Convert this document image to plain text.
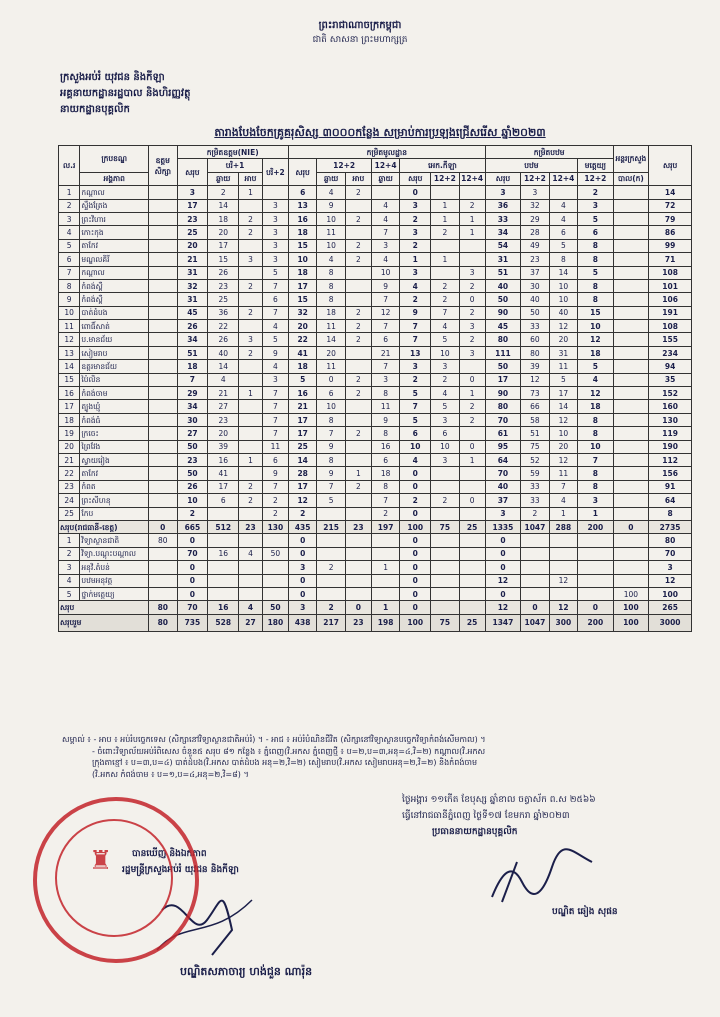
ព្រះរាជាណាចក្រកម្ពុជា
ជាតិ សាសនា ព្រះមហាក្សត្រ
ក្រសួងអប់រំ យុវជន និងកីឡា
អគ្គនាយកដ្ឋានរដ្ឋបាល និងហិរញ្ញវត្ថុ
នាយកដ្ឋានបុគ្គលិក
តារាងបែងចែកគ្រូគរុសិស្ស ៣០០០កន្លែង សម្រាប់ការប្រឡងជ្រើសរើស ឆ្នាំ២០២៣
ល.រ	ក្របខណ្ឌ	ឧត្តមសិក្សា	កម្រិតឧត្តម(NIE)				កម្រិតមូលដ្ឋាន							កម្រិតបឋម				អន្តរក្រសួង	សរុប
			សរុប	បរិ+1		បរិ+2	សរុប	12+2		12+4	អេក.កីឡា			បឋម			មត្តេយ្យ		
	អង្គភាព			ឆ្ងាយ	អាប			ឆ្ងាយ	អាប	ឆ្ងាយ	សរុប	12+2	12+4	សរុប	12+2	12+4	12+2	បាល(ក)	
1	កណ្ដាល		3	2	1		6	4	2		0			3	3		2		14
2	ស្ទឹងត្រែង		17	14		3	13	9		4	3	1	2	36	32	4	3		72
3	ព្រះវិហារ		23	18	2	3	16	10	2	4	2	1	1	33	29	4	5		79
4	កោះកុង		25	20	2	3	18	11		7	3	2	1	34	28	6	6		86
5	តាកែវ		20	17		3	15	10	2	3	2			54	49	5	8		99
6	មណ្ឌលគិរី		21	15	3	3	10	4	2	4	1	1		31	23	8	8		71
7	កណ្ដាល		31	26		5	18	8		10	3		3	51	37	14	5		108
8	កំពង់ស្ពឺ		32	23	2	7	17	8		9	4	2	2	40	30	10	8		101
9	កំពង់ស្ពឺ		31	25		6	15	8		7	2	2	0	50	40	10	8		106
10	បាត់ដំបង		45	36	2	7	32	18	2	12	9	7	2	90	50	40	15		191
11	ពោធិ៍សាត់		26	22		4	20	11	2	7	7	4	3	45	33	12	10		108
12	ប.មានជ័យ		34	26	3	5	22	14	2	6	7	5	2	80	60	20	12		155
13	សៀមរាប		51	40	2	9	41	20		21	13	10	3	111	80	31	18		234
14	ឧត្ដរមានជ័យ		18	14		4	18	11		7	3	3		50	39	11	5		94
15	ប៉ៃលិន		7	4		3	5	0	2	3	2	2	0	17	12	5	4		35
16	កំពង់ចាម		29	21	1	7	16	6	2	8	5	4	1	90	73	17	12		152
17	ត្បូងឃ្មុំ		34	27		7	21	10		11	7	5	2	80	66	14	18		160
18	កំពង់ធំ		30	23		7	17	8		9	5	3	2	70	58	12	8		130
19	ក្រចេះ		27	20		7	17	7	2	8	6	6		61	51	10	8		119
20	ព្រៃវែង		50	39		11	25	9		16	10	10	0	95	75	20	10		190
21	ស្វាយរៀង		23	16	1	6	14	8		6	4	3	1	64	52	12	7		112
22	តាកែវ		50	41		9	28	9	1	18	0			70	59	11	8		156
23	កំពត		26	17	2	7	17	7	2	8	0			40	33	7	8		91
24	ព្រះសីហនុ		10	6	2	2	12	5		7	2	2	0	37	33	4	3		64
25	កែប		2			2	2			2	0			3	2	1	1		8
សរុប(រាជធានី-ខេត្ត)		0	665	512	23	130	435	215	23	197	100	75	25	1335	1047	288	200	0	2735
1	វិទ្យាស្ថានជាតិ	80	0				0				0			0					80
2	វិទ្យា.បណ្ដុះបណ្ដាល		70	16	4	50	0				0			0					70
3	អនុវិ.តំបន់		0				3	2		1	0			0					3
4	បឋមអនុវត្ត		0				0				0			12		12			12
5	ថ្នាក់មត្តេយ្យ		0				0				0			0				100	100
សរុប		80	70	16	4	50	3	2	0	1	0			12	0	12	0	100	265
សរុបរួម		80	735	528	27	180	438	217	23	198	100	75	25	1347	1047	300	200	100	3000
សម្គាល់ ៖ - អាប ៖ អប់រំបច្ចេកទេស (សិក្សានៅវិទ្យាស្ថានជាតិអប់រំ) ។ - អាជ ៖ អប់រំបំណិនជីវិត (សិក្សានៅវិទ្យាស្ថានបច្ចេកវិទ្យាកំពង់សើមកាល) ។
- ចំពោះវិទ្យាល័យអប់រំពិសេស ចំនួន៥ សរុប ៨១ កន្លែង ៖ ភ្នំពេញ(វិ.អកស ភ្នំពេញថ្មី ៖ ប=២,ប=៣,អនុ=៤,វិ=២) កណ្ដាល(វិ.អកស
ក្រុងតាខ្មៅ ៖ ប=៣,ប=៤) បាត់ដំបង(វិ.អកស បាត់ដំបង អនុ=២,វិ=២) សៀមរាប(វិ.អកស សៀមរាបអនុ=២,វិ=២) និងកំពង់ចាម
(វិ.អកស កំពង់ចាម ៖ ប=១,ប=៤,អនុ=២,វិ=៨) ។
ថ្ងៃអង្គារ ១១កើត ខែបុស្ស ឆ្នាំខាល ចត្វាស័ក ព.ស ២៥៦៦
ធ្វើនៅរាជធានីភ្នំពេញ ថ្ងៃទី១៧ ខែមករា ឆ្នាំ២០២៣
ប្រធាននាយកដ្ឋានបុគ្គលិក
បណ្ឌិត ឆៀង សុផន
បានឃើញ និងឯកភាព
រដ្ឋមន្ត្រីក្រសួងអប់រំ យុវជន និងកីឡា
បណ្ឌិតសភាចារ្យ ហង់ជួន ណារ៉ុន
♜
